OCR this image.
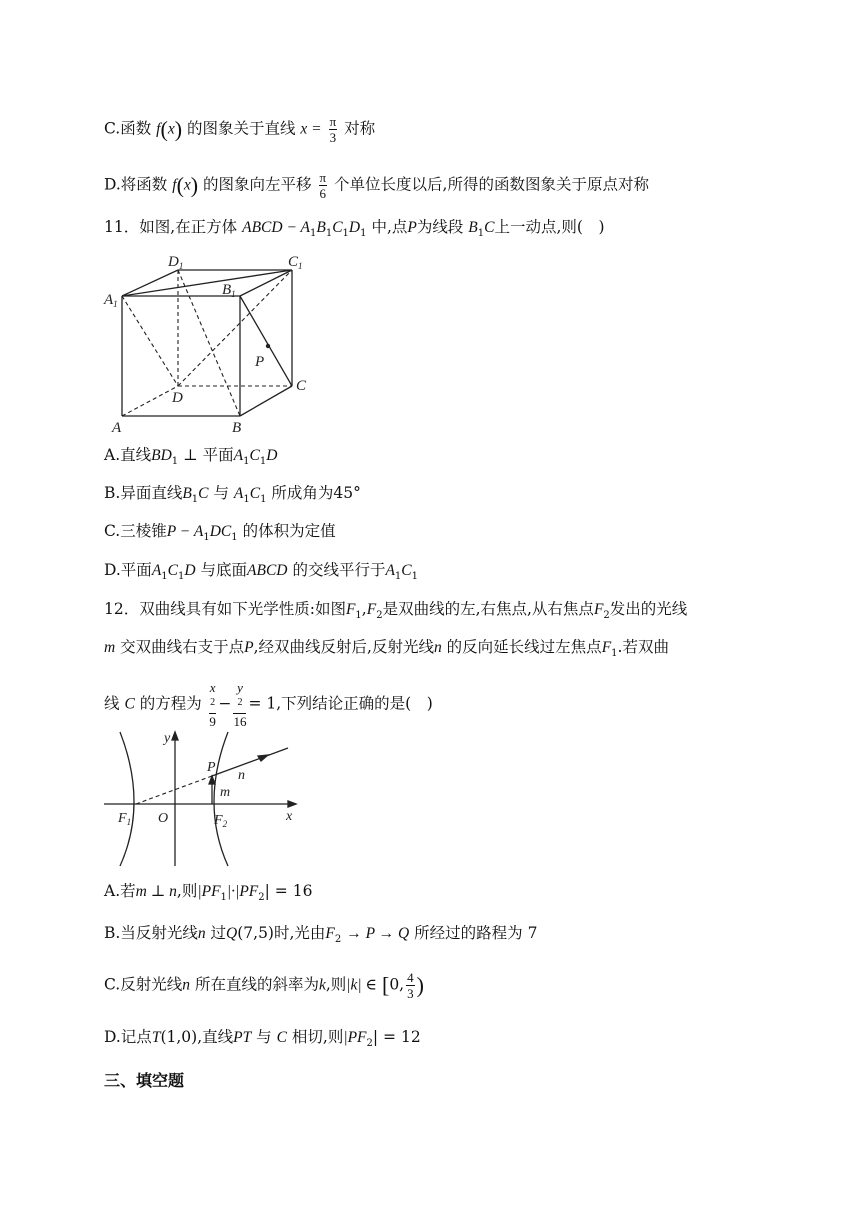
C.函数 f(x) 的图象关于直线 $x = \frac{\pi}{3}$ 对称
D.将函数 f(x) 的图象向左平移 $\frac{\pi}{6}$ 个单位长度以后,所得的函数图象关于原点对称
11．如图,在正方体 ABCD − $A_1B_1C_1D_1$ 中,点P为线段 $B_1C$上一动点,则(　)
$D_1$	$C_1$
$A_1$
$B_1$
P
C
D
A	B
A.直线$BD_1$ ⊥ 平面$A_1C_1D$
B.异面直线$B_1C$ 与 $A_1C_1$ 所成角为45°
C.三棱锥$P - A_1DC_1$ 的体积为定值
D.平面$A_1C_1D$ 与底面ABCD 的交线平行于$A_1C_1$
12．双曲线具有如下光学性质:如图$F_1,F_2$是双曲线的左,右焦点,从右焦点$F_2$发出的光线
m 交双曲线右支于点P,经双曲线反射后,反射光线n 的反向延长线过左焦点$F_1$.若双曲
线 C 的方程为 x
$^2$
9 − y
$^2$
16 = 1,下列结论正确的是(　)
y
x
O
$F_1$	$F_2$
P
n
m
A.若m ⊥ n,则$|PF_1|\cdot|PF_2| = 16$
B.当反射光线n 过Q(7,5)时,光由$F_2 \to P \to Q$ 所经过的路程为 7
C.反射光线n 所在直线的斜率为k,则|k| ∈ [0, $\frac{4}{3}$ )
D.记点T(1,0),直线PT 与 C 相切,则$|PF_2| = 12$
三、填空题
